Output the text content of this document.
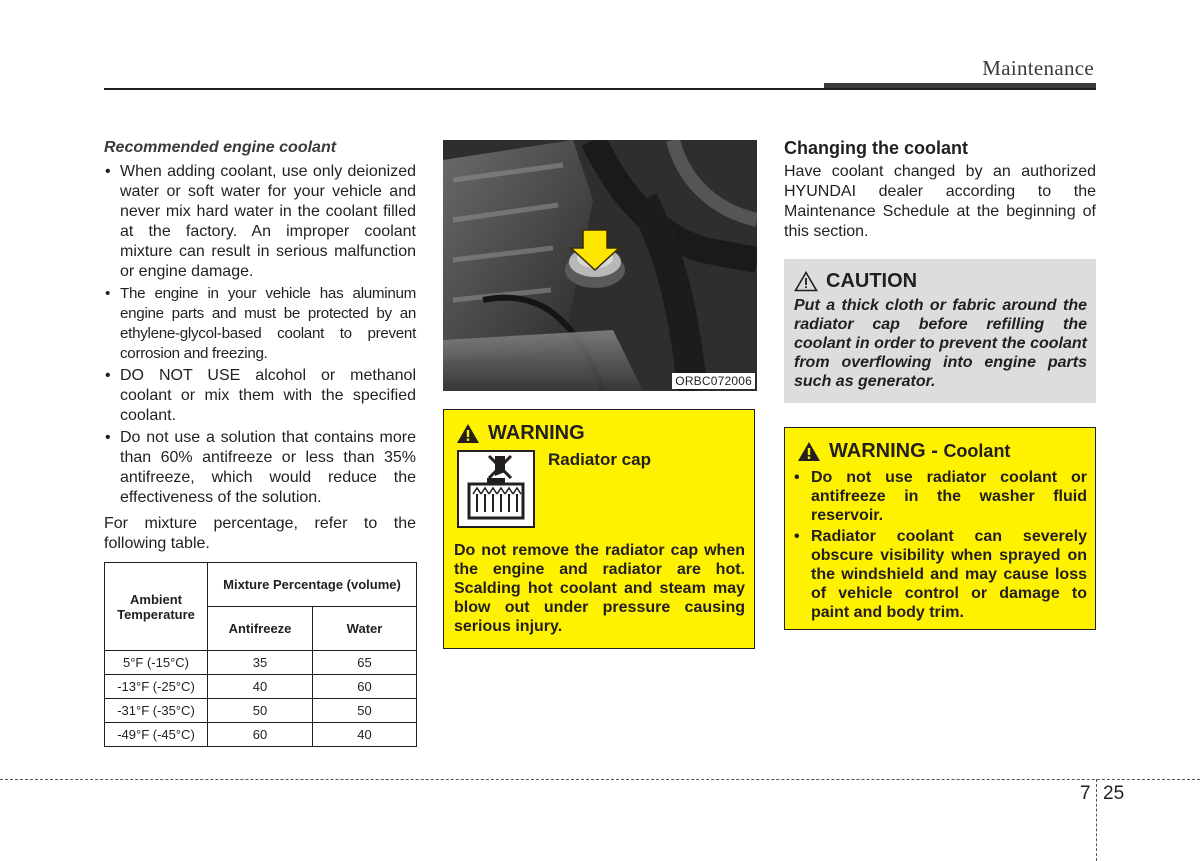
Maintenance
Recommended engine coolant
• When adding coolant, use only deionized water or soft water for your vehicle and never mix hard water in the coolant filled at the factory. An improper coolant mixture can result in serious malfunction or engine damage.
• The engine in your vehicle has aluminum engine parts and must be protected by an ethylene-glycol-based coolant to prevent corrosion and freezing.
• DO NOT USE alcohol or methanol coolant or mix them with the specified coolant.
• Do not use a solution that contains more than 60% antifreeze or less than 35% antifreeze, which would reduce the effectiveness of the solution.
For mixture percentage, refer to the following table.
Ambient Temperature	Mixture Percentage (volume)	
	Antifreeze	Water
5°F (-15°C)	35	65
-13°F (-25°C)	40	60
-31°F (-35°C)	50	50
-49°F (-45°C)	60	40
ORBC072006
WARNING
Radiator cap
Do not remove the radiator cap when the engine and radiator are hot. Scalding hot coolant and steam may blow out under pressure causing serious injury.
Changing the coolant
Have coolant changed by an authorized HYUNDAI dealer according to the Maintenance Schedule at the beginning of this section.
CAUTION
Put a thick cloth or fabric around the radiator cap before refilling the coolant in order to prevent the coolant from overflowing into engine parts such as generator.
WARNING - Coolant
• Do not use radiator coolant or antifreeze in the washer fluid reservoir.
• Radiator coolant can severely obscure visibility when sprayed on the windshield and may cause loss of vehicle control or damage to paint and body trim.
7 25
